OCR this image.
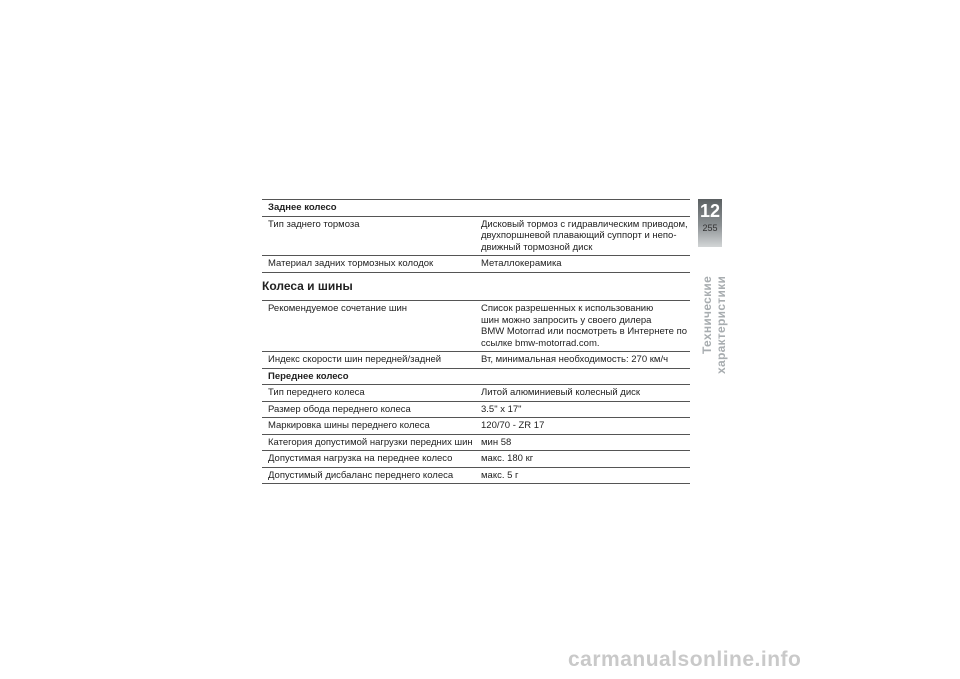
Заднее колесо
Тип заднего тормоза	Дисковый тормоз с гидравлическим приводом,
двухпоршневой плавающий суппорт и непо-
движный тормозной диск
Материал задних тормозных колодок	Металлокерамика
Колеса и шины
Рекомендуемое сочетание шин	Список разрешенных к использованию
шин можно запросить у своего дилера
BMW Motorrad или посмотреть в Интернете по
ссылке bmw-motorrad.com.
Индекс скорости шин передней/задней	Вт, минимальная необходимость: 270 км/ч
Переднее колесо
Тип переднего колеса	Литой алюминиевый колесный диск
Размер обода переднего колеса	3.5" x 17"
Маркировка шины переднего колеса	120/70 - ZR 17
Категория допустимой нагрузки передних шин мин 58
Допустимая нагрузка на переднее колесо	макс. 180 кг
Допустимый дисбаланс переднего колеса	макс. 5 г
12
255
Технические характеристики
carmanualsonline.info
